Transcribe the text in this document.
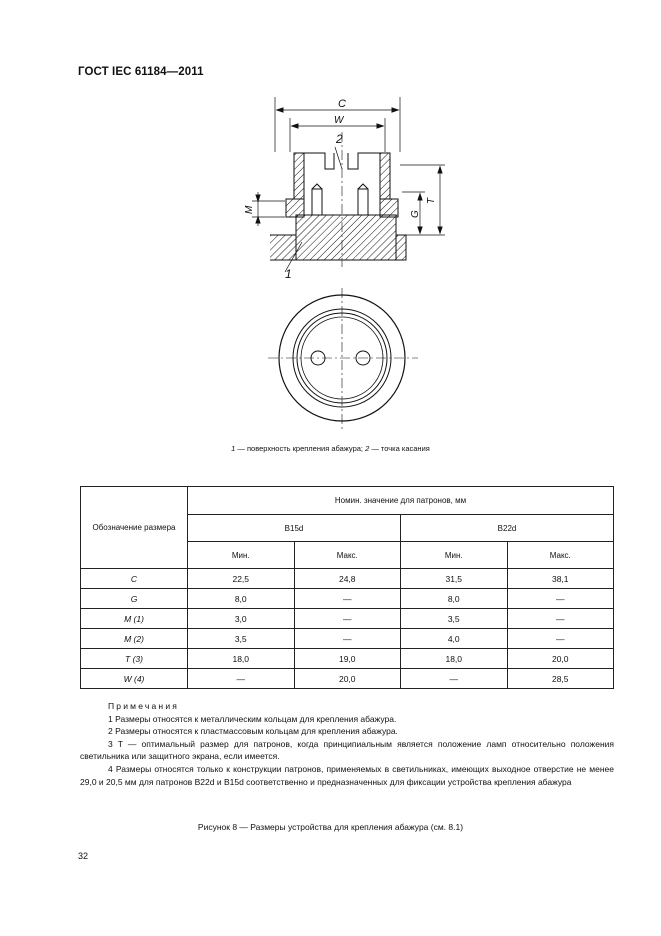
ГОСТ IEC 61184—2011
C
W
2
M
G
T
1
1 — поверхность крепления абажура; 2 — точка касания
Обозначение размера	Номин. значение для патронов, мм			
	B15d		B22d	
	Мин.	Макс.	Мин.	Макс.
C	22,5	24,8	31,5	38,1
G	8,0	—	8,0	—
M (1)	3,0	—	3,5	—
M (2)	3,5	—	4,0	—
T (3)	18,0	19,0	18,0	20,0
W (4)	—	20,0	—	28,5
Примечания
1 Размеры относятся к металлическим кольцам для крепления абажура.
2 Размеры относятся к пластмассовым кольцам для крепления абажура.
3 T — оптимальный размер для патронов, когда принципиальным является положение ламп относительно положения светильника или защитного экрана, если имеется.
4 Размеры относятся только к конструкции патронов, применяемых в светильниках, имеющих выходное отверстие не менее 29,0 и 20,5 мм для патронов B22d и B15d соответственно и предназначенных для фиксации устройства крепления абажура
Рисунок 8 — Размеры устройства для крепления абажура (см. 8.1)
32
